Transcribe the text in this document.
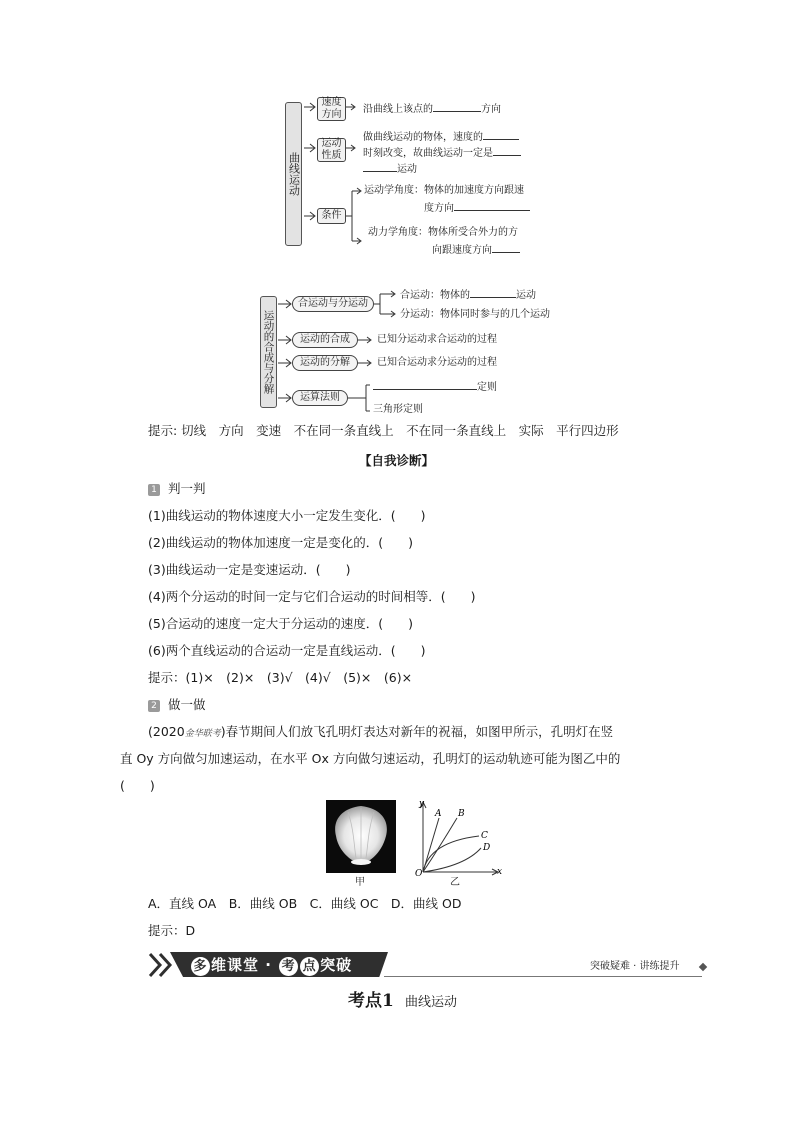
曲线运动
速度
方向	沿曲线上该点的	方向
运动
性质
做曲线运动的物体，速度的
时刻改变，故曲线运动一定是
运动
条件
运动学角度：物体的加速度方向跟速
度方向
动力学角度：物体所受合外力的方
向跟速度方向
运动的合成与分解
合运动与分运动
合运动：物体的	运动
分运动：物体同时参与的几个运动
运动的合成	已知分运动求合运动的过程
运动的分解	已知合运动求分运动的过程
运算法则
定则
三角形定则
提示: 切线　方向　变速　不在同一条直线上　不在同一条直线上　实际　平行四边形
【自我诊断】
1 判一判
(1)曲线运动的物体速度大小一定发生变化．(　　)
(2)曲线运动的物体加速度一定是变化的．(　　)
(3)曲线运动一定是变速运动．(　　)
(4)两个分运动的时间一定与它们合运动的时间相等．(　　)
(5)合运动的速度一定大于分运动的速度．(　　)
(6)两个直线运动的合运动一定是直线运动．(　　)
提示：(1)×　(2)×　(3)√　(4)√　(5)×　(6)×
2 做一做
(2020金华联考)春节期间人们放飞孔明灯表达对新年的祝福，如图甲所示，孔明灯在竖
直 Oy 方向做匀加速运动，在水平 Ox 方向做匀速运动，孔明灯的运动轨迹可能为图乙中的
(　　)
甲
y
x
O
A B
C
D
乙
A．直线 OA　B．曲线 OB　C．曲线 OC　D．曲线 OD
提示：D
多 维课堂 · 考 点 突破	突破疑难 · 讲练提升
考点1 曲线运动
